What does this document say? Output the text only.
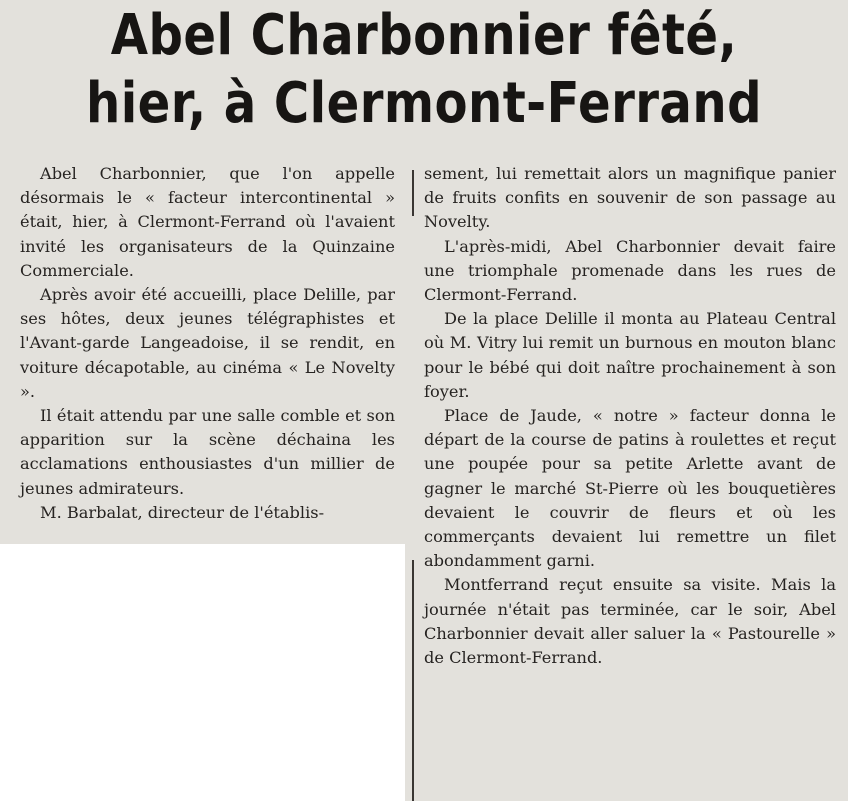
Abel Charbonnier fêté,
hier, à Clermont-Ferrand

Abel Charbonnier, que l'on appelle désormais le « facteur intercontinental » était, hier, à Clermont-Ferrand où l'avaient invité les organisateurs de la Quinzaine Commerciale.

Après avoir été accueilli, place Delille, par ses hôtes, deux jeunes télégraphistes et l'Avant-garde Langeadoise, il se rendit, en voiture décapotable, au cinéma « Le Novelty ».

Il était attendu par une salle comble et son apparition sur la scène déchaina les acclamations enthousiastes d'un millier de jeunes admirateurs.

M. Barbalat, directeur de l'établis-

sement, lui remettait alors un magnifique panier de fruits confits en souvenir de son passage au Novelty.

L'après-midi, Abel Charbonnier devait faire une triomphale promenade dans les rues de Clermont-Ferrand.

De la place Delille il monta au Plateau Central où M. Vitry lui remit un burnous en mouton blanc pour le bébé qui doit naître prochainement à son foyer.

Place de Jaude, « notre » facteur donna le départ de la course de patins à roulettes et reçut une poupée pour sa petite Arlette avant de gagner le marché St-Pierre où les bouquetières devaient le couvrir de fleurs et où les commerçants devaient lui remettre un filet abondamment garni.

Montferrand reçut ensuite sa visite. Mais la journée n'était pas terminée, car le soir, Abel Charbonnier devait aller saluer la « Pastourelle » de Clermont-Ferrand.
